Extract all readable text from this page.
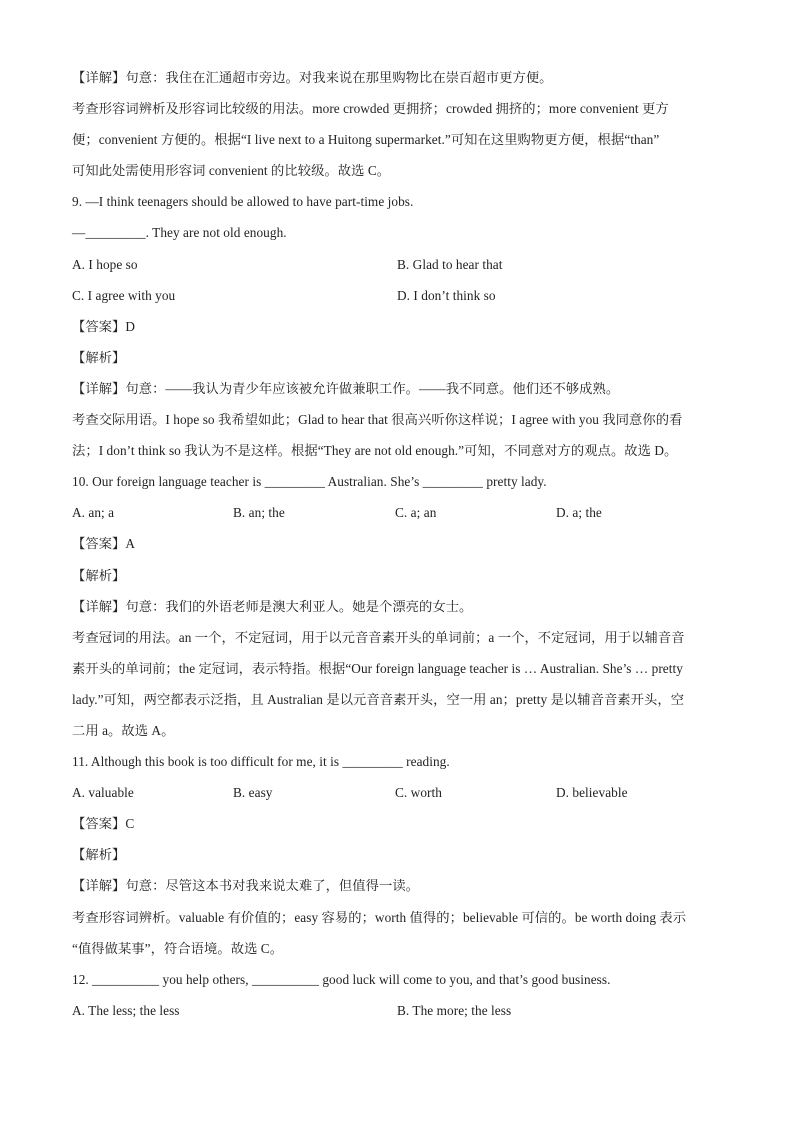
【详解】句意：我住在汇通超市旁边。对我来说在那里购物比在崇百超市更方便。
考查形容词辨析及形容词比较级的用法。more crowded 更拥挤；crowded 拥挤的；more convenient 更方
便；convenient 方便的。根据“I live next to a Huitong supermarket.”可知在这里购物更方便，根据“than”
可知此处需使用形容词 convenient 的比较级。故选 C。
9. —I think teenagers should be allowed to have part-time jobs.
—_________. They are not old enough.
A. I hope so	B. Glad to hear that
C. I agree with you	D. I don’t think so
【答案】D
【解析】
【详解】句意：——我认为青少年应该被允许做兼职工作。——我不同意。他们还不够成熟。
考查交际用语。I hope so 我希望如此；Glad to hear that 很高兴听你这样说；I agree with you 我同意你的看
法；I don’t think so 我认为不是这样。根据“They are not old enough.”可知，不同意对方的观点。故选 D。
10. Our foreign language teacher is _________ Australian. She’s _________ pretty lady.
A. an; a	B. an; the	C. a; an	D. a; the
【答案】A
【解析】
【详解】句意：我们的外语老师是澳大利亚人。她是个漂亮的女士。
考查冠词的用法。an 一个，不定冠词，用于以元音音素开头的单词前；a 一个，不定冠词，用于以辅音音
素开头的单词前；the 定冠词，表示特指。根据“Our foreign language teacher is … Australian. She’s … pretty
lady.”可知，两空都表示泛指，且 Australian 是以元音音素开头，空一用 an；pretty 是以辅音音素开头，空
二用 a。故选 A。
11. Although this book is too difficult for me, it is _________ reading.
A. valuable	B. easy	C. worth	D. believable
【答案】C
【解析】
【详解】句意：尽管这本书对我来说太难了，但值得一读。
考查形容词辨析。valuable 有价值的；easy 容易的；worth 值得的；believable 可信的。be worth doing 表示
“值得做某事”，符合语境。故选 C。
12. __________ you help others, __________ good luck will come to you, and that’s good business.
A. The less; the less	B. The more; the less
